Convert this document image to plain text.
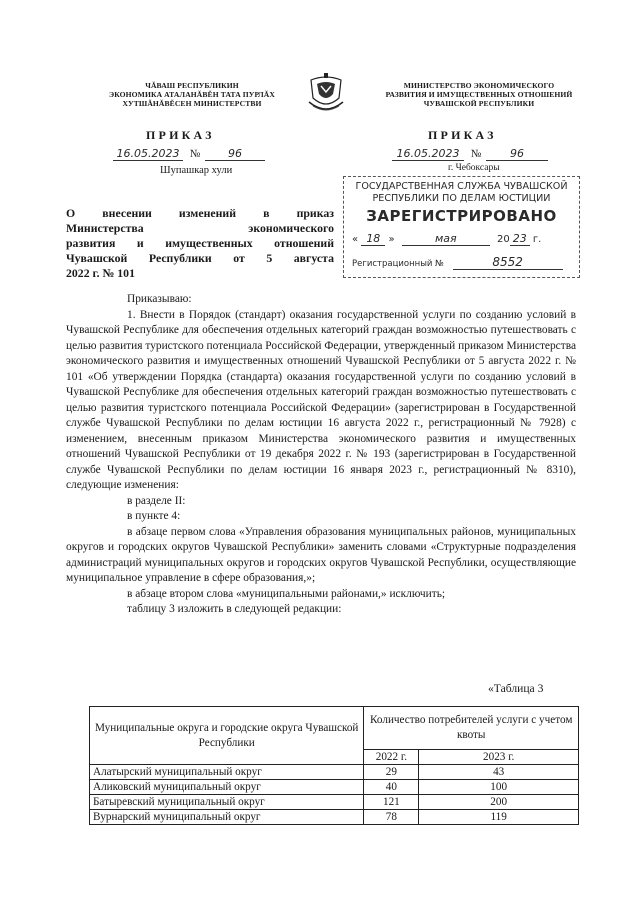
ЧĂВАШ РЕСПУБЛИКИН
ЭКОНОМИКА АТАЛАНĂВĔН ТАТА ПУРЛĂХ
ХУТШĂНĂВĔСЕН МИНИСТЕРСТВИ
МИНИСТЕРСТВО ЭКОНОМИЧЕСКОГО
РАЗВИТИЯ И ИМУЩЕСТВЕННЫХ ОТНОШЕНИЙ
ЧУВАШСКОЙ РЕСПУБЛИКИ
ПРИКАЗ
16.05.2023 №	96
Шупашкар хули
ПРИКАЗ
16.05.2023 №	96
г. Чебоксары
ГОСУДАРСТВЕННАЯ СЛУЖБА ЧУВАШСКОЙ
РЕСПУБЛИКИ ПО ДЕЛАМ ЮСТИЦИИ
ЗАРЕГИСТРИРОВАНО
« 18 »	мая	20 23 г.
Регистрационный №	8552
О внесении изменений в приказ
Министерства экономического
развития и имущественных отношений
Чувашской Республики от 5 августа
2022 г. № 101

Приказываю:

1. Внести в Порядок (стандарт) оказания государственной услуги по созданию условий в Чувашской Республике для обеспечения отдельных категорий граждан возможностью путешествовать с целью развития туристского потенциала Российской Федерации, утвержденный приказом Министерства экономического развития и имущественных отношений Чувашской Республики от 5 августа 2022 г. № 101 «Об утверждении Порядка (стандарта) оказания государственной услуги по созданию условий в Чувашской Республике для обеспечения отдельных категорий граждан возможностью путешествовать с целью развития туристского потенциала Российской Федерации» (зарегистрирован в Государственной службе Чувашской Республики по делам юстиции 16 августа 2022 г., регистрационный № 7928) с изменением, внесенным приказом Министерства экономического развития и имущественных отношений Чувашской Республики от 19 декабря 2022 г. № 193 (зарегистрирован в Государственной службе Чувашской Республики по делам юстиции 16 января 2023 г., регистрационный № 8310), следующие изменения:

в разделе II:

в пункте 4:

в абзаце первом слова «Управления образования муниципальных районов, муниципальных округов и городских округов Чувашской Республики» заменить словами «Структурные подразделения администраций муниципальных округов и городских округов Чувашской Республики, осуществляющие муниципальное управление в сфере образования,»;

в абзаце втором слова «муниципальными районами,» исключить;

таблицу 3 изложить в следующей редакции:

«Таблица 3
Муниципальные округа и городские округа Чувашской Республики	Количество потребителей услуги с учетом квоты	
	2022 г.	2023 г.
Алатырский муниципальный округ	29	43
Аликовский муниципальный округ	40	100
Батыревский муниципальный округ	121	200
Вурнарский муниципальный округ	78	119
